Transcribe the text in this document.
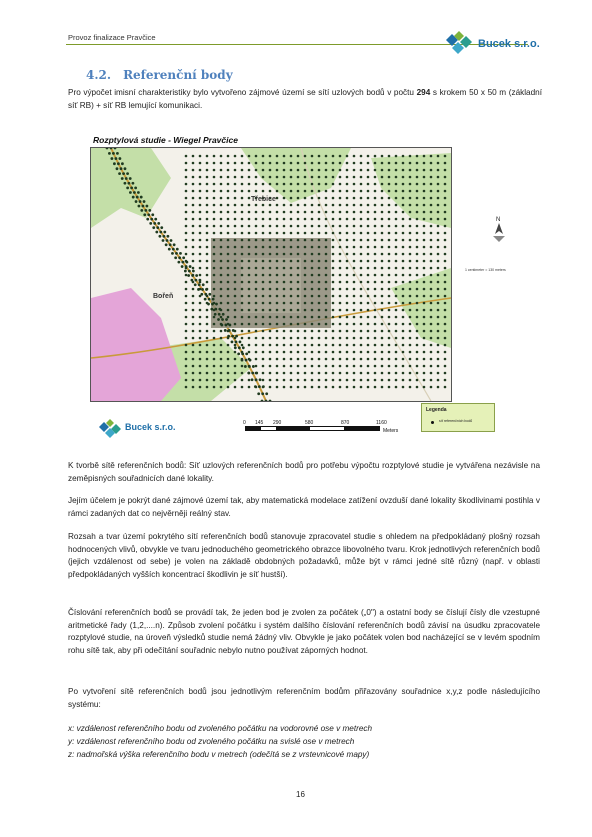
Provoz finalizace Pravčice
Bucek s.r.o.
4.2. Referenční body
Pro výpočet imisní charakteristiky bylo vytvořeno zájmové území se sítí uzlových bodů v počtu 294 s krokem 50 x 50 m (základní síť RB) + síť RB lemující komunikaci.
Rozptylová studie - Wiegel Pravčice
Třebice
Bořeň
N
1 centimeter = 130 meters
Legenda
síť referenčních bodů
Bucek s.r.o.	0 145 290	580	870	1160
Meters
K tvorbě sítě referenčních bodů: Síť uzlových referenčních bodů pro potřebu výpočtu rozptylové studie je vytvářena nezávisle na zeměpisných souřadnicích dané lokality.
Jejím účelem je pokrýt dané zájmové území tak, aby matematická modelace zatížení ovzduší dané lokality škodlivinami postihla v rámci zadaných dat co nejvěrněji reálný stav.
Rozsah a tvar území pokrytého sítí referenčních bodů stanovuje zpracovatel studie s ohledem na předpokládaný plošný rozsah hodnocených vlivů, obvykle ve tvaru jednoduchého geometrického obrazce libovolného tvaru. Krok jednotlivých referenčních bodů (jejich vzdálenost od sebe) je volen na základě obdobných požadavků, může být v rámci jedné sítě různý (např. v oblasti předpokládaných vyšších koncentrací škodlivin je síť hustší).
Číslování referenčních bodů se provádí tak, že jeden bod je zvolen za počátek („0") a ostatní body se číslují čísly dle vzestupné aritmetické řady (1,2,....n). Způsob zvolení počátku i systém dalšího číslování referenčních bodů závisí na úsudku zpracovatele rozptylové studie, na úroveň výsledků studie nemá žádný vliv. Obvykle je jako počátek volen bod nacházející se v levém spodním rohu sítě tak, aby při odečítání souřadnic nebylo nutno používat záporných hodnot.
Po vytvoření sítě referenčních bodů jsou jednotlivým referenčním bodům přiřazovány souřadnice x,y,z podle následujícího systému:
x: vzdálenost referenčního bodu od zvoleného počátku na vodorovné ose v metrech
y: vzdálenost referenčního bodu od zvoleného počátku na svislé ose v metrech
z: nadmořská výška referenčního bodu v metrech (odečítá se z vrstevnicové mapy)
16
